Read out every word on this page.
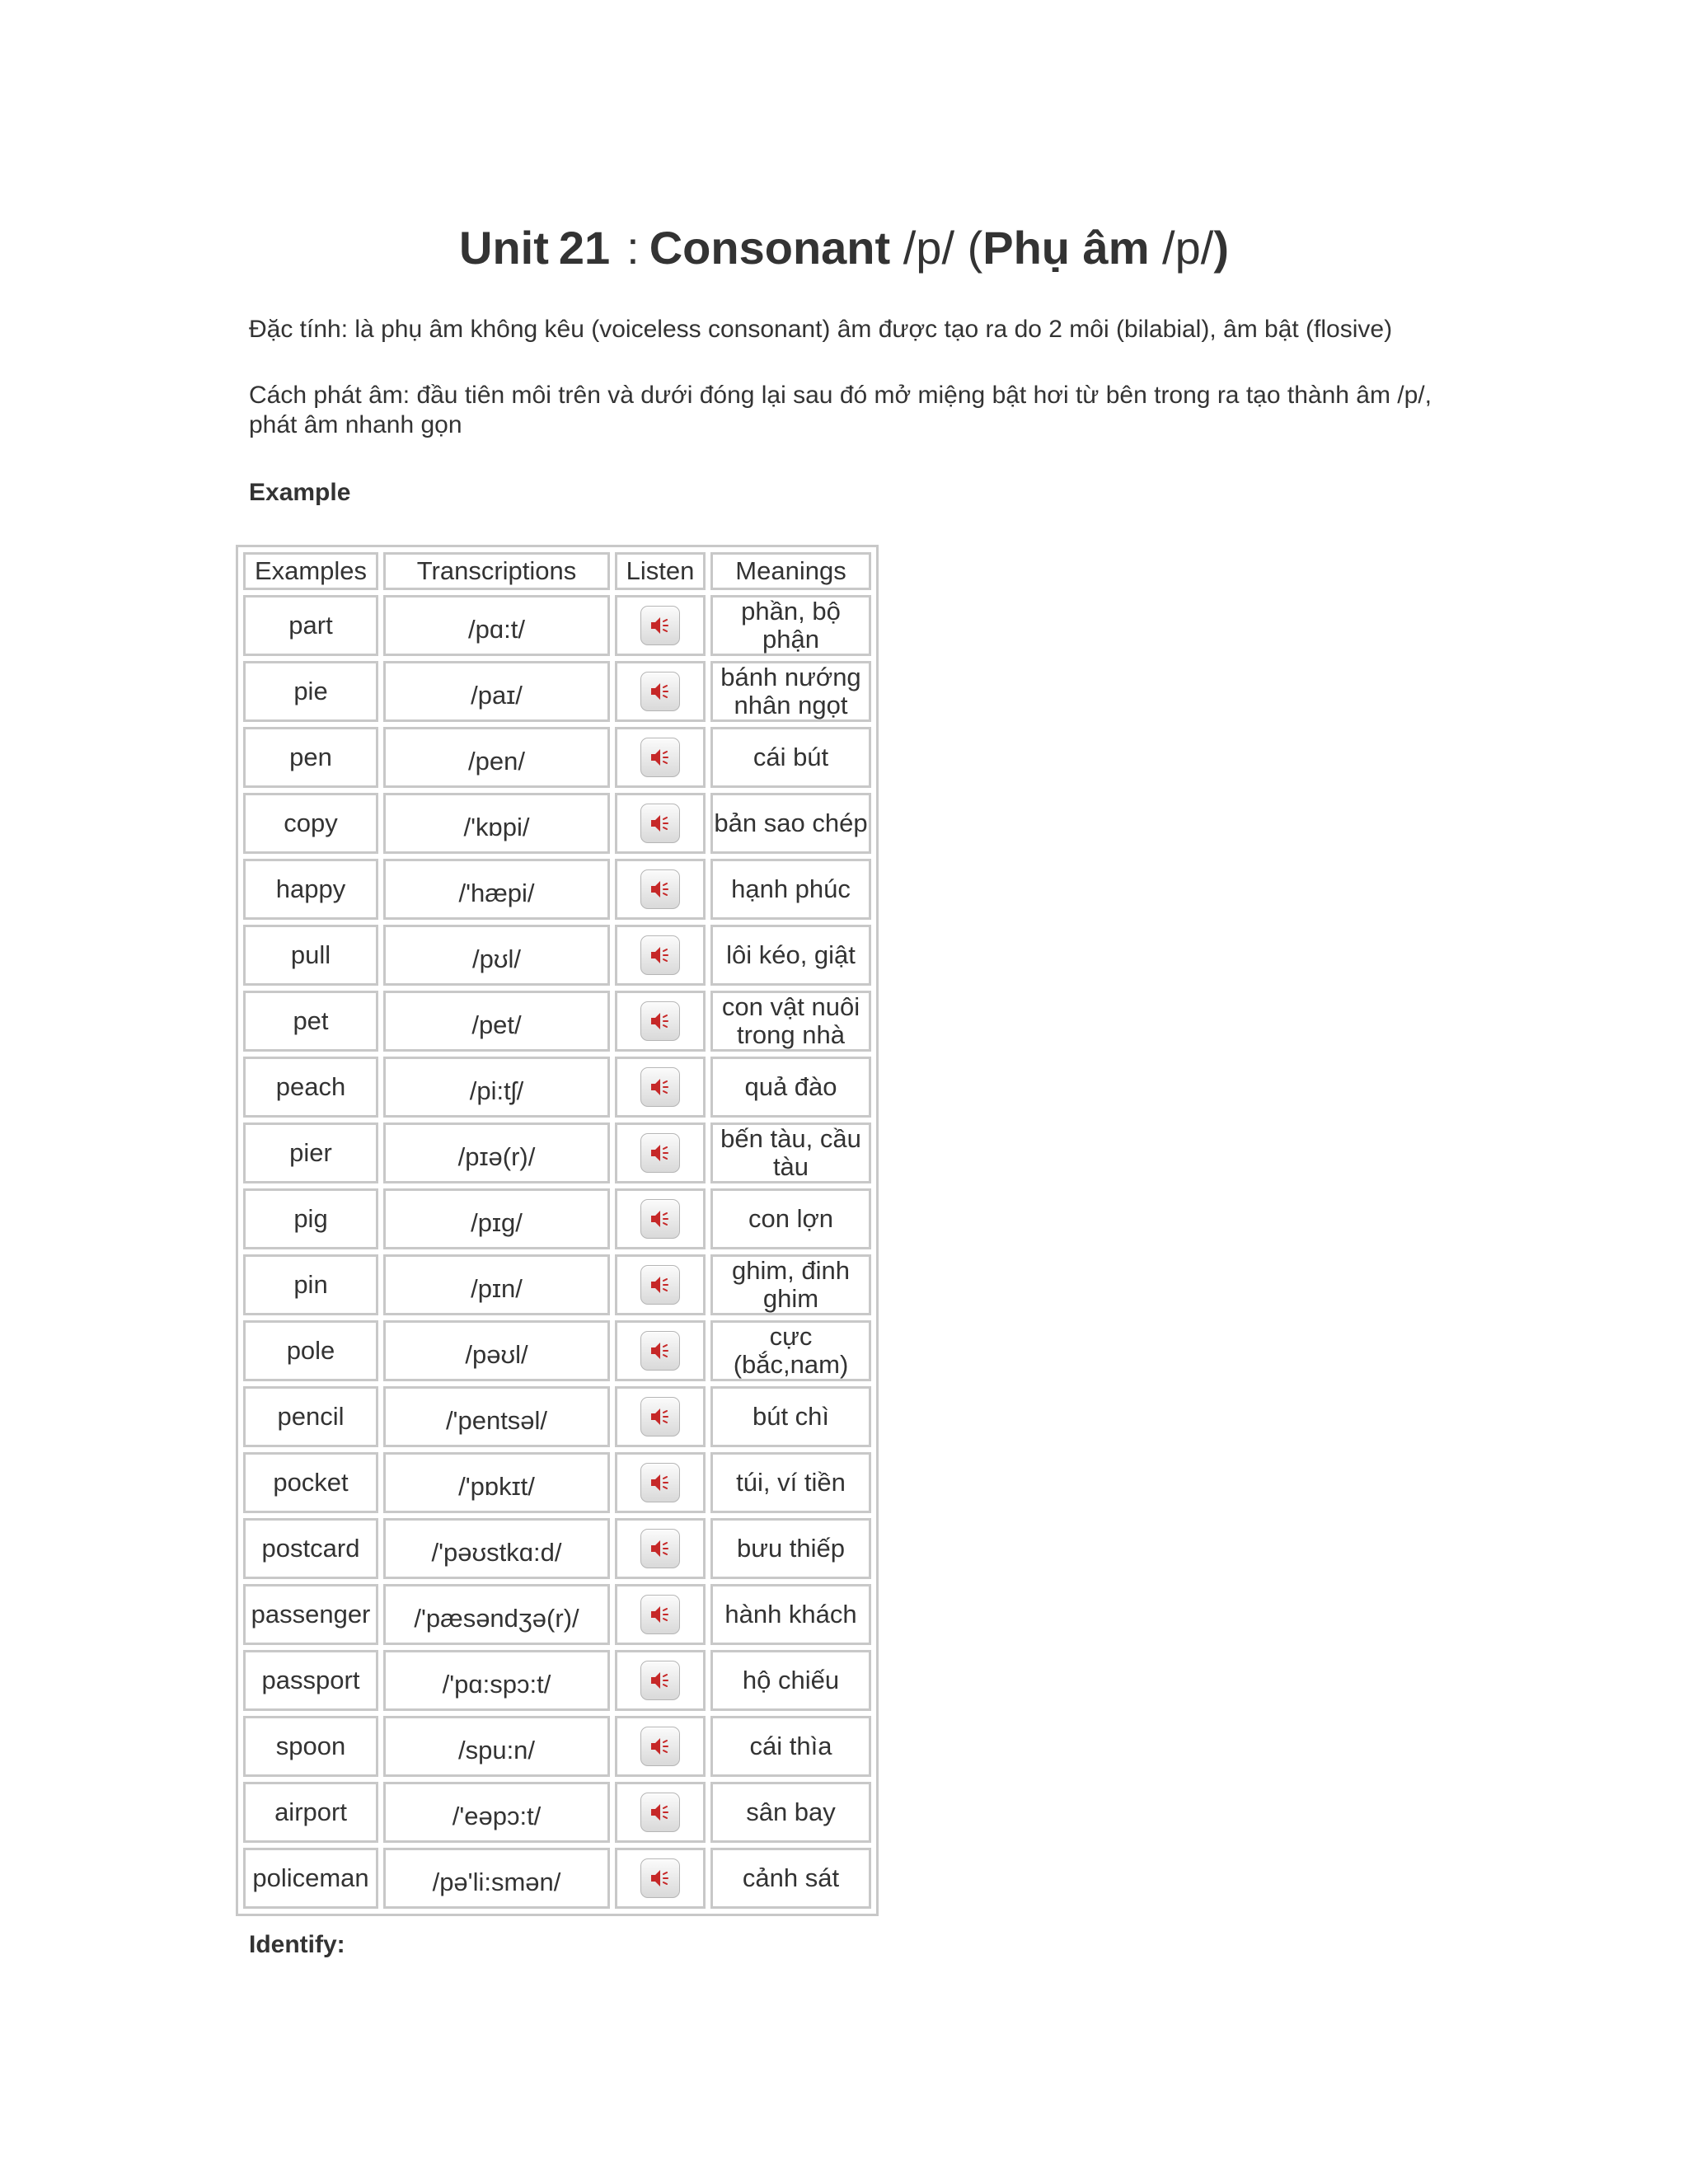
Unit 21 : Consonant /p/ (Phụ âm /p/)

Đặc tính: là phụ âm không kêu (voiceless consonant) âm được tạo ra do 2 môi (bilabial), âm bật (flosive)

Cách phát âm: đầu tiên môi trên và dưới đóng lại sau đó mở miệng bật hơi từ bên trong ra tạo thành âm /p/, phát âm nhanh gọn

Example

Examples	Transcriptions	Listen	Meanings
part	/pɑ:t/		phần, bộ phận
pie	/paɪ/		bánh nướng nhân ngọt
pen	/pen/		cái bút
copy	/'kɒpi/		bản sao chép
happy	/'hæpi/		hạnh phúc
pull	/pʊl/		lôi kéo, giật
pet	/pet/		con vật nuôi trong nhà
peach	/pi:tʃ/		quả đào
pier	/pɪə(r)/		bến tàu, cầu tàu
pig	/pɪg/		con lợn
pin	/pɪn/		ghim, đinh ghim
pole	/pəʊl/		cực (bắc,nam)
pencil	/'pentsəl/		bút chì
pocket	/'pɒkɪt/		túi, ví tiền
postcard	/'pəʊstkɑ:d/		bưu thiếp
passenger	/'pæsəndʒə(r)/		hành khách
passport	/'pɑ:spɔ:t/		hộ chiếu
spoon	/spu:n/		cái thìa
airport	/'eəpɔ:t/		sân bay
policeman	/pə'li:smən/		cảnh sát

Identify:
